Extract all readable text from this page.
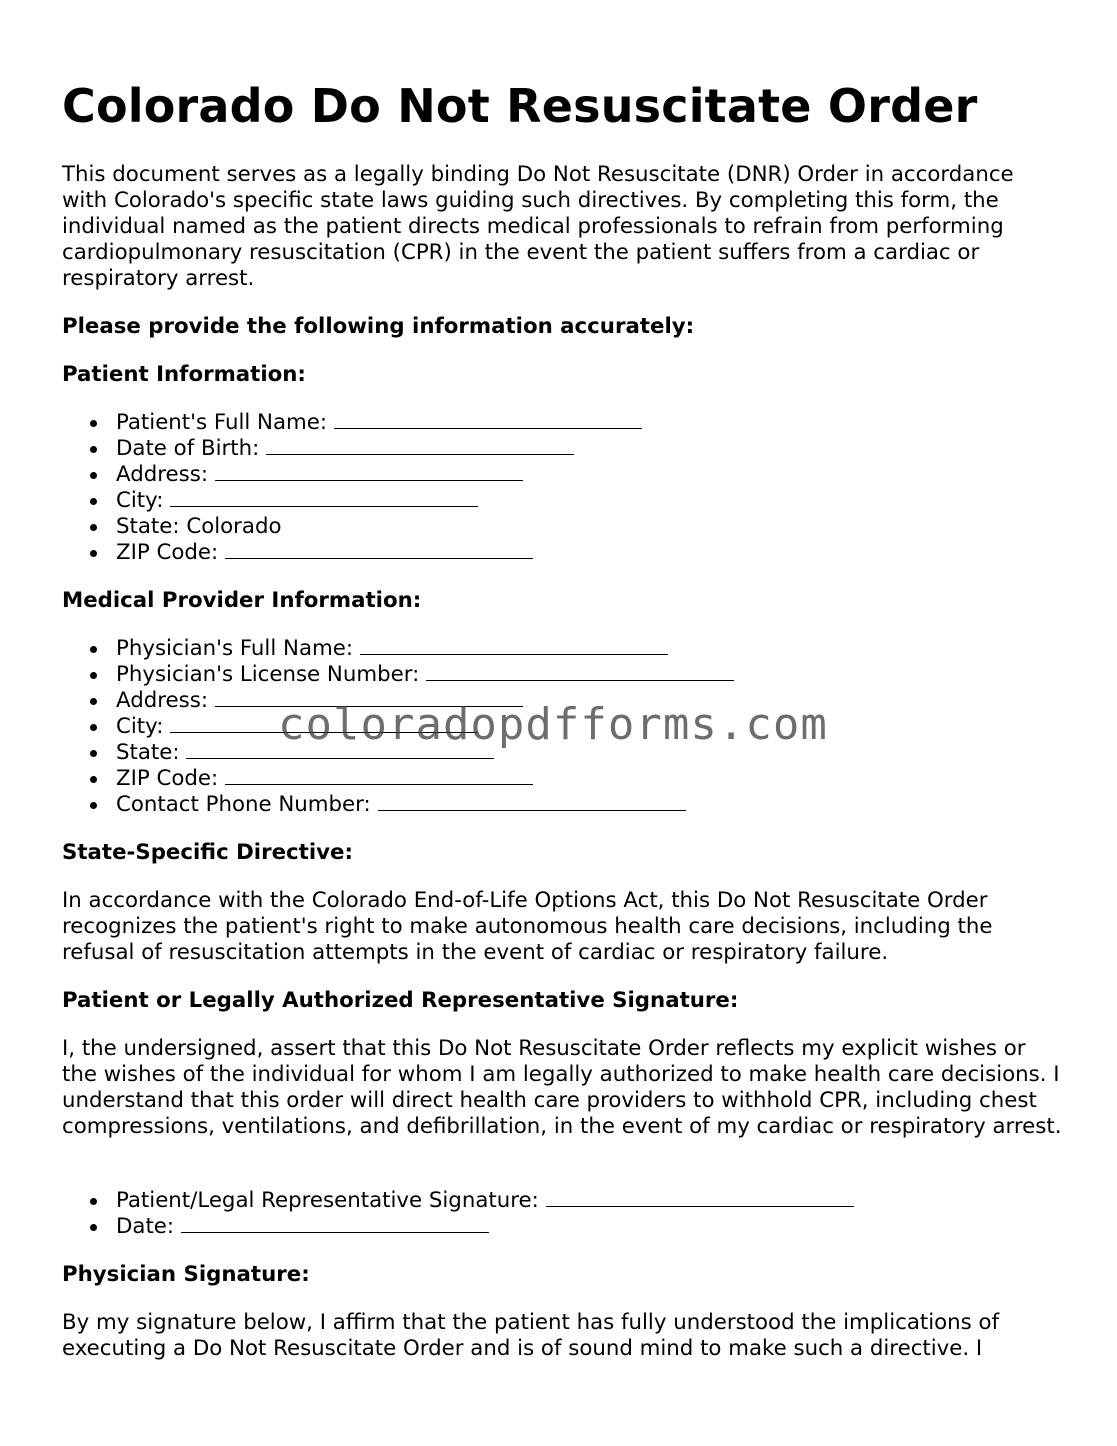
Colorado Do Not Resuscitate Order

This document serves as a legally binding Do Not Resuscitate (DNR) Order in accordance with Colorado's specific state laws guiding such directives. By completing this form, the individual named as the patient directs medical professionals to refrain from performing cardiopulmonary resuscitation (CPR) in the event the patient suffers from a cardiac or respiratory arrest.

Please provide the following information accurately:

Patient Information:

Patient's Full Name:
Date of Birth:
Address:
City:
State: Colorado
ZIP Code:

Medical Provider Information:

Physician's Full Name:
Physician's License Number:
Address:
City:
State:
ZIP Code:
Contact Phone Number:

State-Specific Directive:

In accordance with the Colorado End-of-Life Options Act, this Do Not Resuscitate Order recognizes the patient's right to make autonomous health care decisions, including the refusal of resuscitation attempts in the event of cardiac or respiratory failure.

Patient or Legally Authorized Representative Signature:

I, the undersigned, assert that this Do Not Resuscitate Order reflects my explicit wishes or the wishes of the individual for whom I am legally authorized to make health care decisions. I understand that this order will direct health care providers to withhold CPR, including chest compressions, ventilations, and defibrillation, in the event of my cardiac or respiratory arrest.

Patient/Legal Representative Signature:
Date:

Physician Signature:

By my signature below, I affirm that the patient has fully understood the implications of executing a Do Not Resuscitate Order and is of sound mind to make such a directive. I

coloradopdfforms.com
